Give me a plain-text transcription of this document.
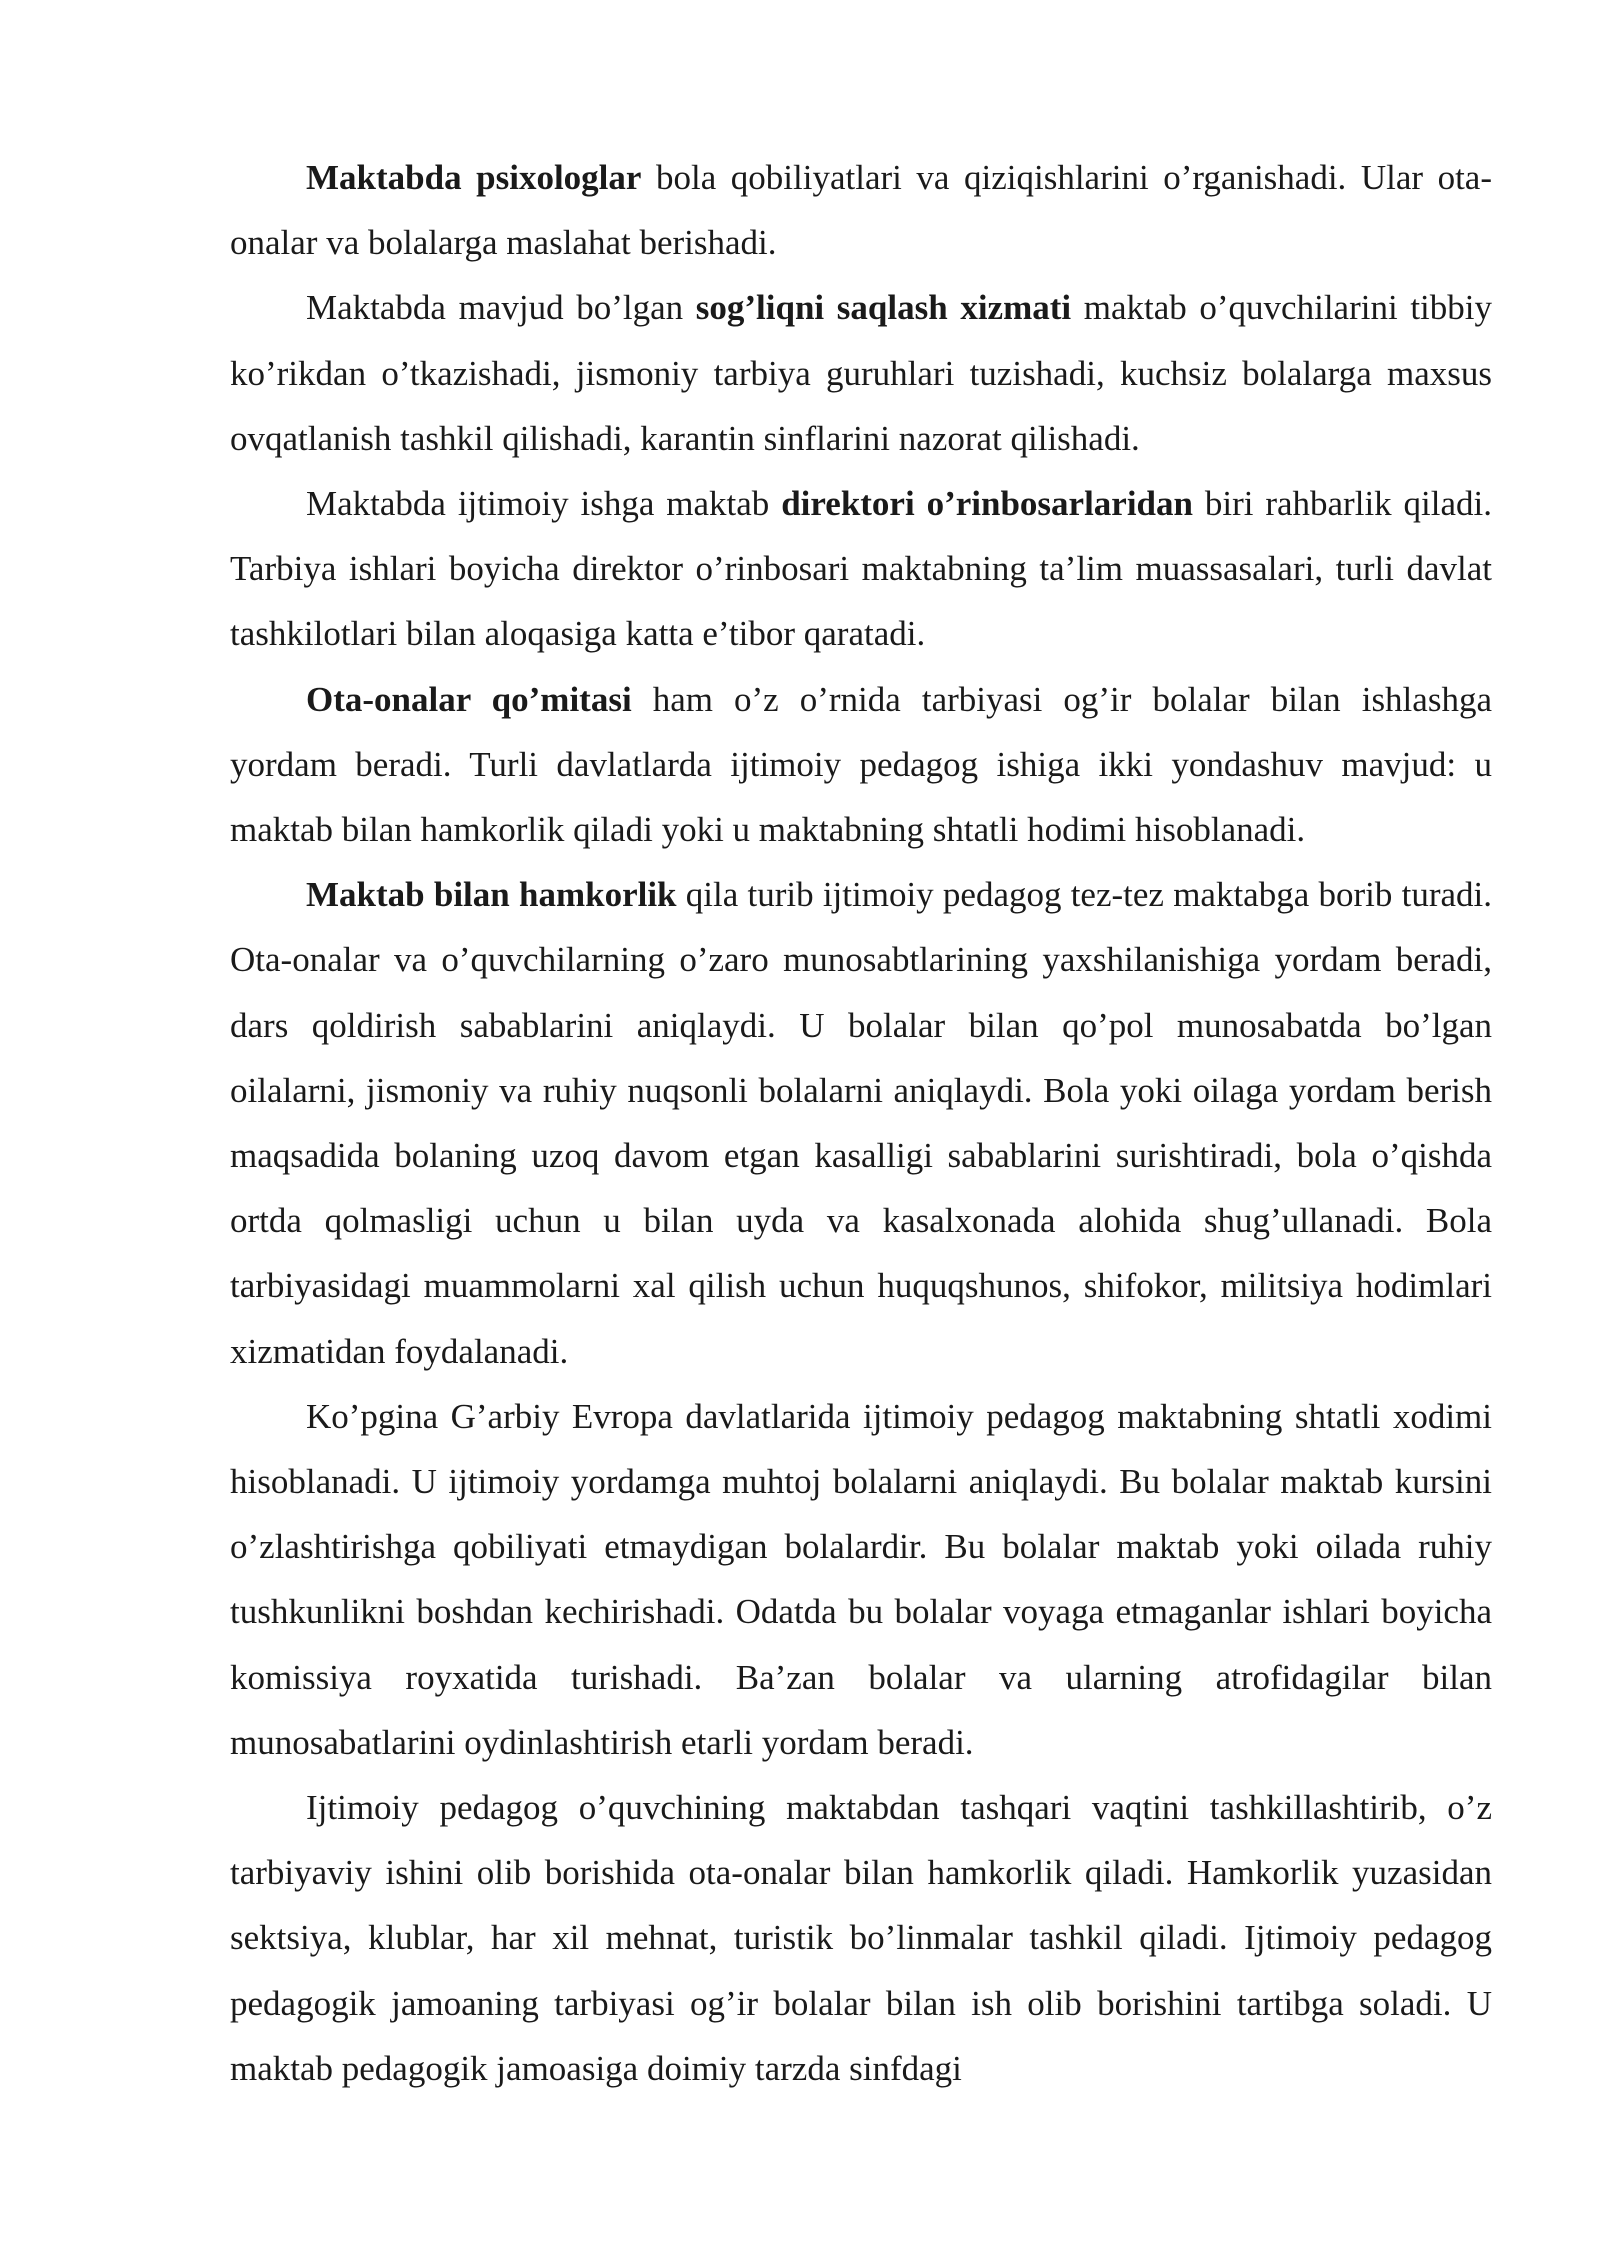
Maktabda psixologlar bola qobiliyatlari va qiziqishlarini o’rganishadi. Ular ota-onalar va bolalarga maslahat berishadi.

Maktabda mavjud bo’lgan sog’liqni saqlash xizmati maktab o’quvchilarini tibbiy ko’rikdan o’tkazishadi, jismoniy tarbiya guruhlari tuzishadi, kuchsiz bolalarga maxsus ovqatlanish tashkil qilishadi, karantin sinflarini nazorat qilishadi.

Maktabda ijtimoiy ishga maktab direktori o’rinbosarlaridan biri rahbarlik qiladi. Tarbiya ishlari boyicha direktor o’rinbosari maktabning ta’lim muassasalari, turli davlat tashkilotlari bilan aloqasiga katta e’tibor qaratadi.

Ota-onalar qo’mitasi ham o’z o’rnida tarbiyasi og’ir bolalar bilan ishlashga yordam beradi. Turli davlatlarda ijtimoiy pedagog ishiga ikki yondashuv mavjud: u maktab bilan hamkorlik qiladi yoki u maktabning shtatli hodimi hisoblanadi.

Maktab bilan hamkorlik qila turib ijtimoiy pedagog tez-tez maktabga borib turadi. Ota-onalar va o’quvchilarning o’zaro munosabtlarining yaxshilanishiga yordam beradi, dars qoldirish sabablarini aniqlaydi. U bolalar bilan qo’pol munosabatda bo’lgan oilalarni, jismoniy va ruhiy nuqsonli bolalarni aniqlaydi. Bola yoki oilaga yordam berish maqsadida bolaning uzoq davom etgan kasalligi sabablarini surishtiradi, bola o’qishda ortda qolmasligi uchun u bilan uyda va kasalxonada alohida shug’ullanadi. Bola tarbiyasidagi muammolarni xal qilish uchun huquqshunos, shifokor, militsiya hodimlari xizmatidan foydalanadi.

Ko’pgina G’arbiy Evropa davlatlarida ijtimoiy pedagog maktabning shtatli xodimi hisoblanadi. U ijtimoiy yordamga muhtoj bolalarni aniqlaydi. Bu bolalar maktab kursini o’zlashtirishga qobiliyati etmaydigan bolalardir. Bu bolalar maktab yoki oilada ruhiy tushkunlikni boshdan kechirishadi. Odatda bu bolalar voyaga etmaganlar ishlari boyicha komissiya royxatida turishadi. Ba’zan bolalar va ularning atrofidagilar bilan munosabatlarini oydinlashtirish etarli yordam beradi.

Ijtimoiy pedagog o’quvchining maktabdan tashqari vaqtini tashkillashtirib, o’z tarbiyaviy ishini olib borishida ota-onalar bilan hamkorlik qiladi. Hamkorlik yuzasidan sektsiya, klublar, har xil mehnat, turistik bo’linmalar tashkil qiladi. Ijtimoiy pedagog pedagogik jamoaning tarbiyasi og’ir bolalar bilan ish olib borishini tartibga soladi. U maktab pedagogik jamoasiga doimiy tarzda sinfdagi
